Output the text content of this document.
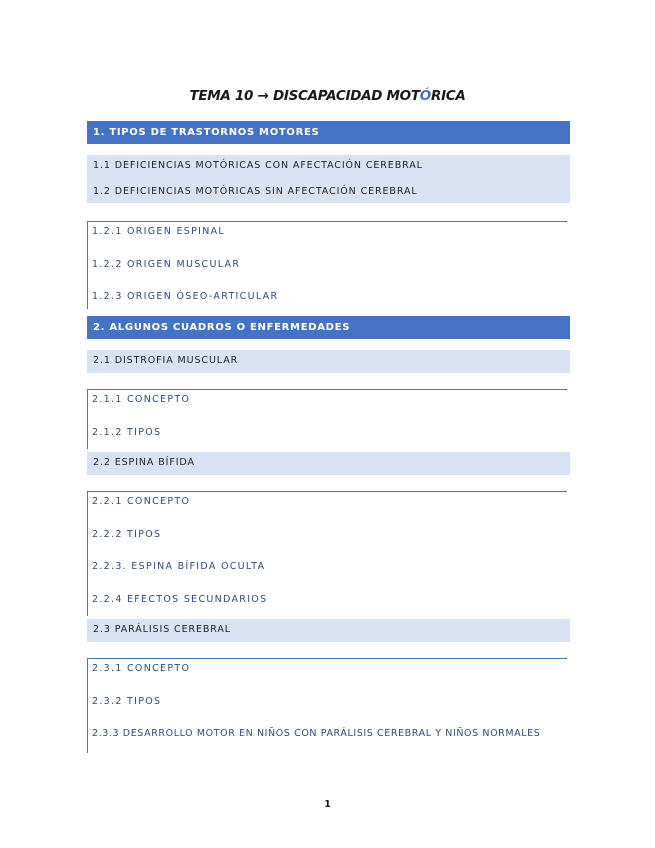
TEMA 10 → DISCAPACIDAD MOTÓRICA
1. TIPOS DE TRASTORNOS MOTORES
1.1 DEFICIENCIAS MOTÓRICAS CON AFECTACIÓN CEREBRAL
1.2 DEFICIENCIAS MOTÓRICAS SIN AFECTACIÓN CEREBRAL
1.2.1 ORIGEN ESPINAL
1.2.2 ORIGEN MUSCULAR
1.2.3 ORIGEN ÓSEO-ARTICULAR
2. ALGUNOS CUADROS O ENFERMEDADES
2.1 DISTROFIA MUSCULAR
2.1.1 CONCEPTO
2.1.2 TIPOS
2.2 ESPINA BÍFIDA
2.2.1 CONCEPTO
2.2.2 TIPOS
2.2.3. ESPINA BÍFIDA OCULTA
2.2.4 EFECTOS SECUNDARIOS
2.3 PARÁLISIS CEREBRAL
2.3.1 CONCEPTO
2.3.2 TIPOS
2.3.3 DESARROLLO MOTOR EN NIÑOS CON PARÁLISIS CEREBRAL Y NIÑOS NORMALES
1
